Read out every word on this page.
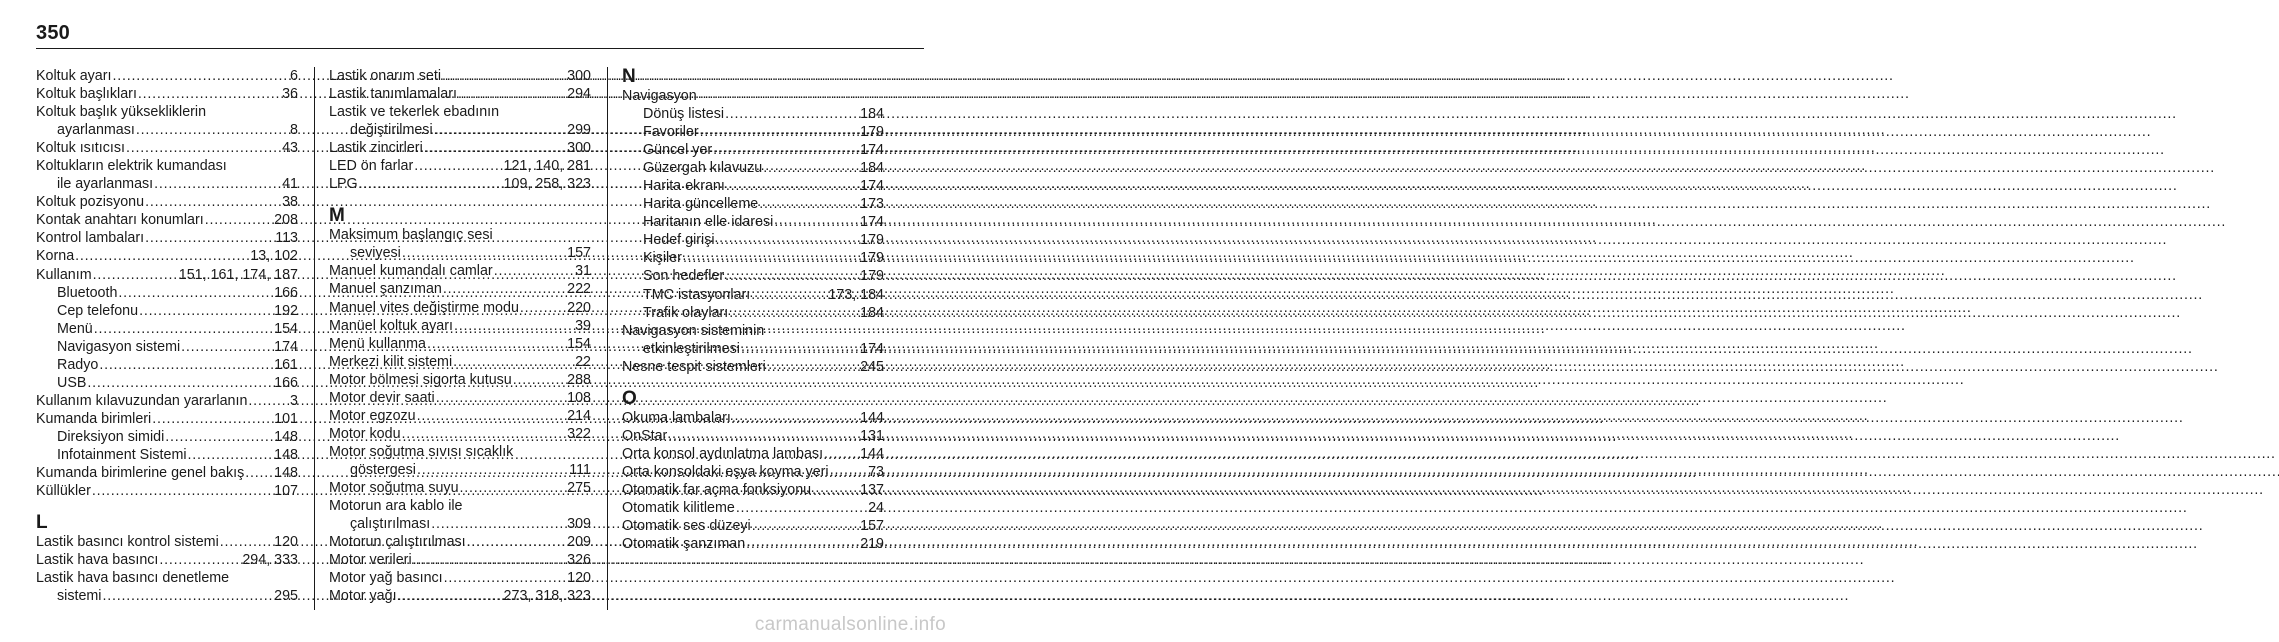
350
Koltuk ayarı . . .	6
Koltuk başlıkları . . .	36
Koltuk başlık yüksekliklerin
ayarlanması . . .	8
Koltuk ısıtıcısı . . .	43
Koltukların elektrik kumandası
ile ayarlanması . . .	41
Koltuk pozisyonu . . .	38
Kontak anahtarı konumları . . .	208
Kontrol lambaları . . .	113
Korna . . .	13, 102
Kullanım . . .	151, 161, 174, 187
Bluetooth . . .	166
Cep telefonu . . .	192
Menü . . .	154
Navigasyon sistemi . . .	174
Radyo . . .	161
USB . . .	166
Kullanım kılavuzundan yararlanın . . .	3
Kumanda birimleri . . .	101
Direksiyon simidi . . .	148
Infotainment Sistemi . . .	148
Kumanda birimlerine genel bakış . . . 148
Küllükler . . .	107
L
Lastik basıncı kontrol sistemi . . .	120
Lastik hava basıncı . . .	294, 333
Lastik hava basıncı denetleme
sistemi . . .	295
Lastik onarım seti . . .	300
Lastik tanımlamaları . . .	294
Lastik ve tekerlek ebadının
değiştirilmesi . . .	299
Lastik zincirleri . . .	300
LED ön farlar . . .	121, 140, 281
LPG . . .	109, 258, 323
M
Maksimum başlangıç sesi
seviyesi . . .	157
Manuel kumandalı camlar . . .	31
Manuel şanzıman . . .	222
Manuel vites değiştirme modu . . .	220
Manüel koltuk ayarı . . .	39
Menü kullanma . . .	154
Merkezi kilit sistemi . . .	22
Motor bölmesi sigorta kutusu . . .	288
Motor devir saati . . .	108
Motor egzozu . . .	214
Motor kodu . . .	322
Motor soğutma sıvısı sıcaklık
göstergesi . . .	111
Motor soğutma suyu . . .	275
Motorun ara kablo ile
çalıştırılması . . .	309
Motorun çalıştırılması . . .	209
Motor verileri . . .	326
Motor yağ basıncı . . .	120
Motor yağı . . .	273, 318, 323
N
Navigasyon
Dönüş listesi . . .	184
Favoriler . . .	179
Güncel yer . . .	174
Güzergah kılavuzu . . .	184
Harita ekranı . . .	174
Harita güncelleme . . .	173
Haritanın elle idaresi . . .	174
Hedef girişi . . .	179
Kişiler . . .	179
Son hedefler . . .	179
TMC istasyonları . . .	173, 184
Trafik olayları . . .	184
Navigasyon sisteminin
etkinleştirilmesi . . .	174
Nesne tespit sistemleri . . .	245
O
Okuma lambaları . . .	144
OnStar . . .	131
Orta konsol aydınlatma lambası . . .	144
Orta konsoldaki eşya koyma yeri . . .	73
Otomatik far açma fonksiyonu . . .	137
Otomatik kilitleme . . .	24
Otomatik ses düzeyi . . .	157
Otomatik şanzıman . . .	219
carmanualsonline.info
